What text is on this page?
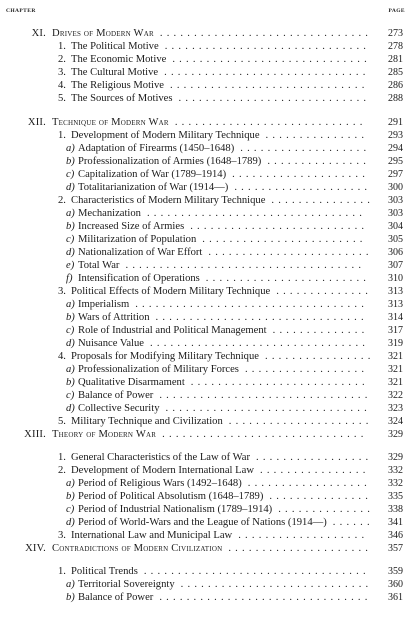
CHAPTER	PAGE
XI. Drives of Modern War ...............................	273
1. The Political Motive ..............................	278
2. The Economic Motive .............................	281
3. The Cultural Motive ..............................	285
4. The Religious Motive .............................	286
5. The Sources of Motives ............................	288
XII. Technique of Modern War ............................	291
1. Development of Modern Military Technique ...............	293
a) Adaptation of Firearms (1450–1648) ...................	294
b) Professionalization of Armies (1648–1789) ...............	295
c) Capitalization of War (1789–1914) ....................	297
d) Totalitarianization of War (1914—) ....................	300
2. Characteristics of Modern Military Technique ...............	303
a) Mechanization ................................	303
b) Increased Size of Armies ..........................	304
c) Militarization of Population ........................	305
d) Nationalization of War Effort ........................	306
e) Total War ...................................	307
f) Intensification of Operations ........................	310
3. Political Effects of Modern Military Technique ..............	313
a) Imperialism ..................................	313
b) Wars of Attrition ...............................	314
c) Role of Industrial and Political Management ..............	317
d) Nuisance Value ................................	319
4. Proposals for Modifying Military Technique ................	321
a) Professionalization of Military Forces ..................	321
b) Qualitative Disarmament ..........................	321
c) Balance of Power ...............................	322
d) Collective Security ..............................	323
5. Military Technique and Civilization .....................	324
XIII. Theory of Modern War ..............................	329
1. General Characteristics of the Law of War .................	329
2. Development of Modern International Law ................	332
a) Period of Religious Wars (1492–1648) ..................	332
b) Period of Political Absolutism (1648–1789) ...............	335
c) Period of Industrial Nationalism (1789–1914) ..............	338
d) Period of World-Wars and the League of Nations (1914—) ......	341
3. International Law and Municipal Law ...................	346
XIV. Contradictions of Modern Civilization .....................	357
1. Political Trends .................................	359
a) Territorial Sovereignty ............................	360
b) Balance of Power ...............................	361
